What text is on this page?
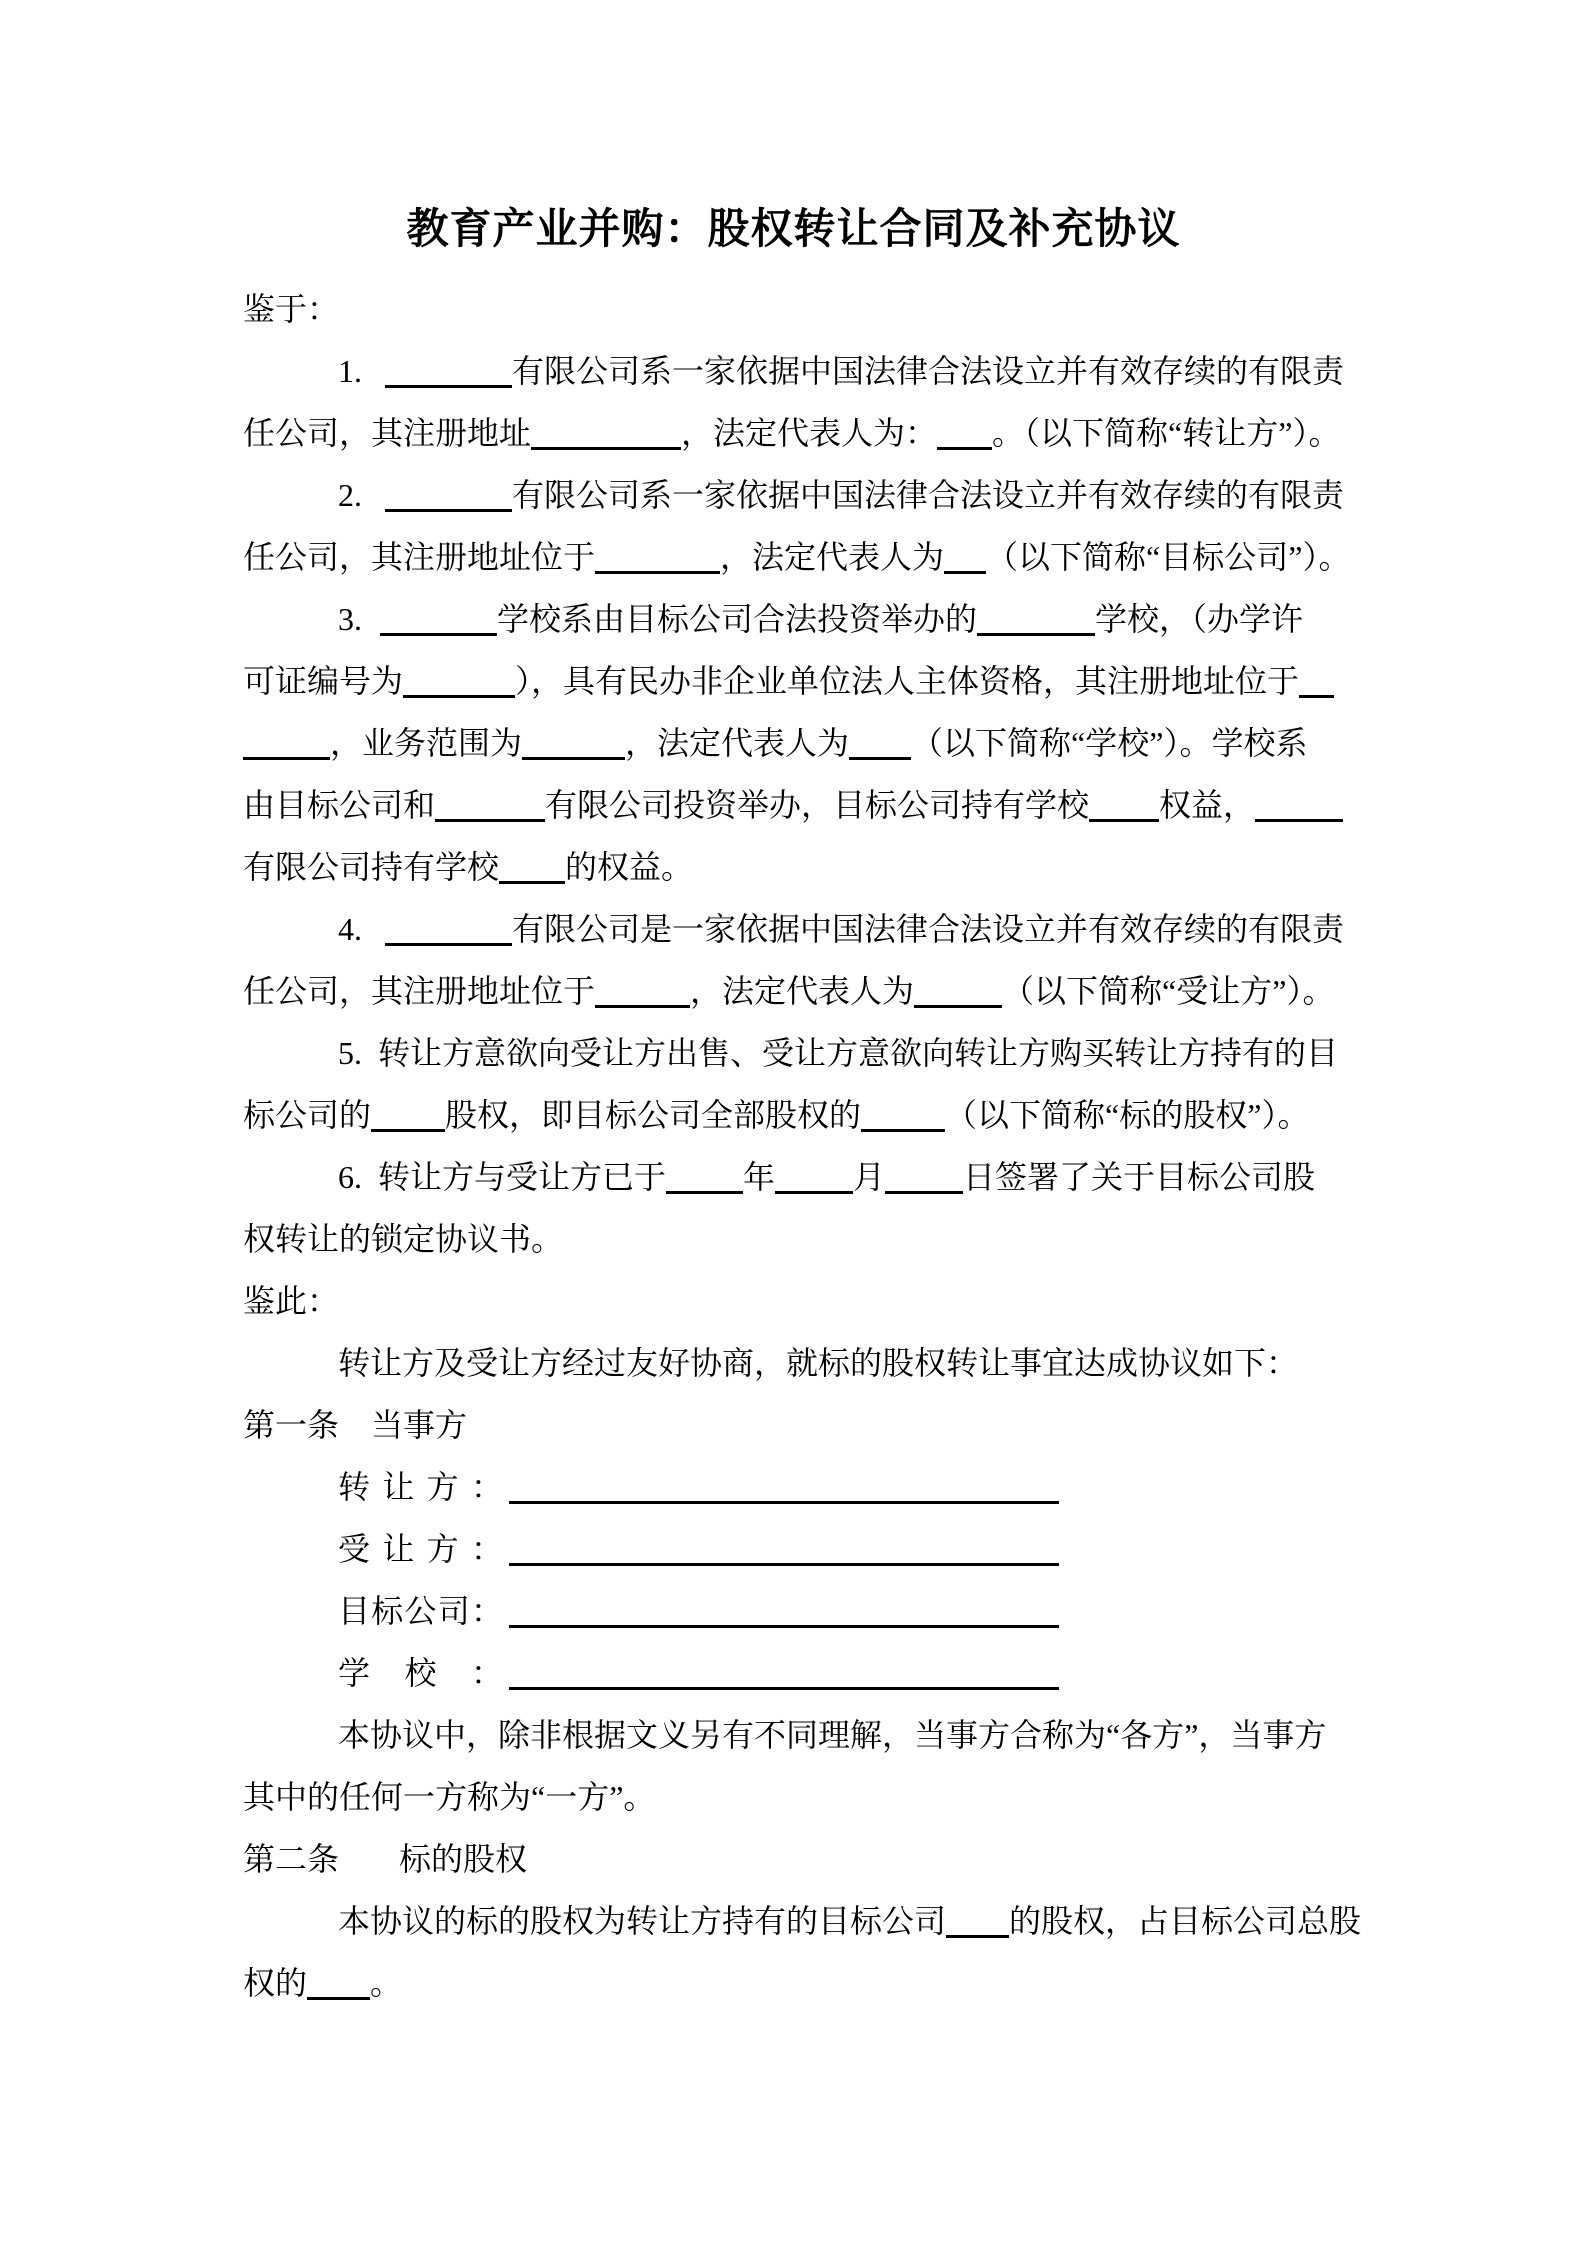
教育产业并购：股权转让合同及补充协议
鉴于：
1.	有限公司系一家依据中国法律合法设立并有效存续的有限责
任公司，其注册地址	，法定代表人为： 。（以下简称“转让方”）。
2.	有限公司系一家依据中国法律合法设立并有效存续的有限责
任公司，其注册地址位于	，法定代表人为 （以下简称“目标公司”）。
3.	学校系由目标公司合法投资举办的	学校，（办学许
可证编号为	），具有民办非企业单位法人主体资格，其注册地址位于
，业务范围为	，法定代表人为 （以下简称“学校”）。学校系
由目标公司和	有限公司投资举办，目标公司持有学校 权益，
有限公司持有学校 的权益。
4.	有限公司是一家依据中国法律合法设立并有效存续的有限责
任公司，其注册地址位于	，法定代表人为	（以下简称“受让方”）。
5. 转让方意欲向受让方出售、受让方意欲向转让方购买转让方持有的目
标公司的 股权，即目标公司全部股权的	（以下简称“标的股权”）。
6. 转让方与受让方已于 年 月 日签署了关于目标公司股
权转让的锁定协议书。
鉴此：
转让方及受让方经过友好协商，就标的股权转让事宜达成协议如下：
第一条 当事方
转让方：
受让方：
目标公司：
学校：
本协议中，除非根据文义另有不同理解，当事方合称为“各方”，当事方
其中的任何一方称为“一方”。
第二条 标的股权
本协议的标的股权为转让方持有的目标公司 的股权，占目标公司总股
权的 。
